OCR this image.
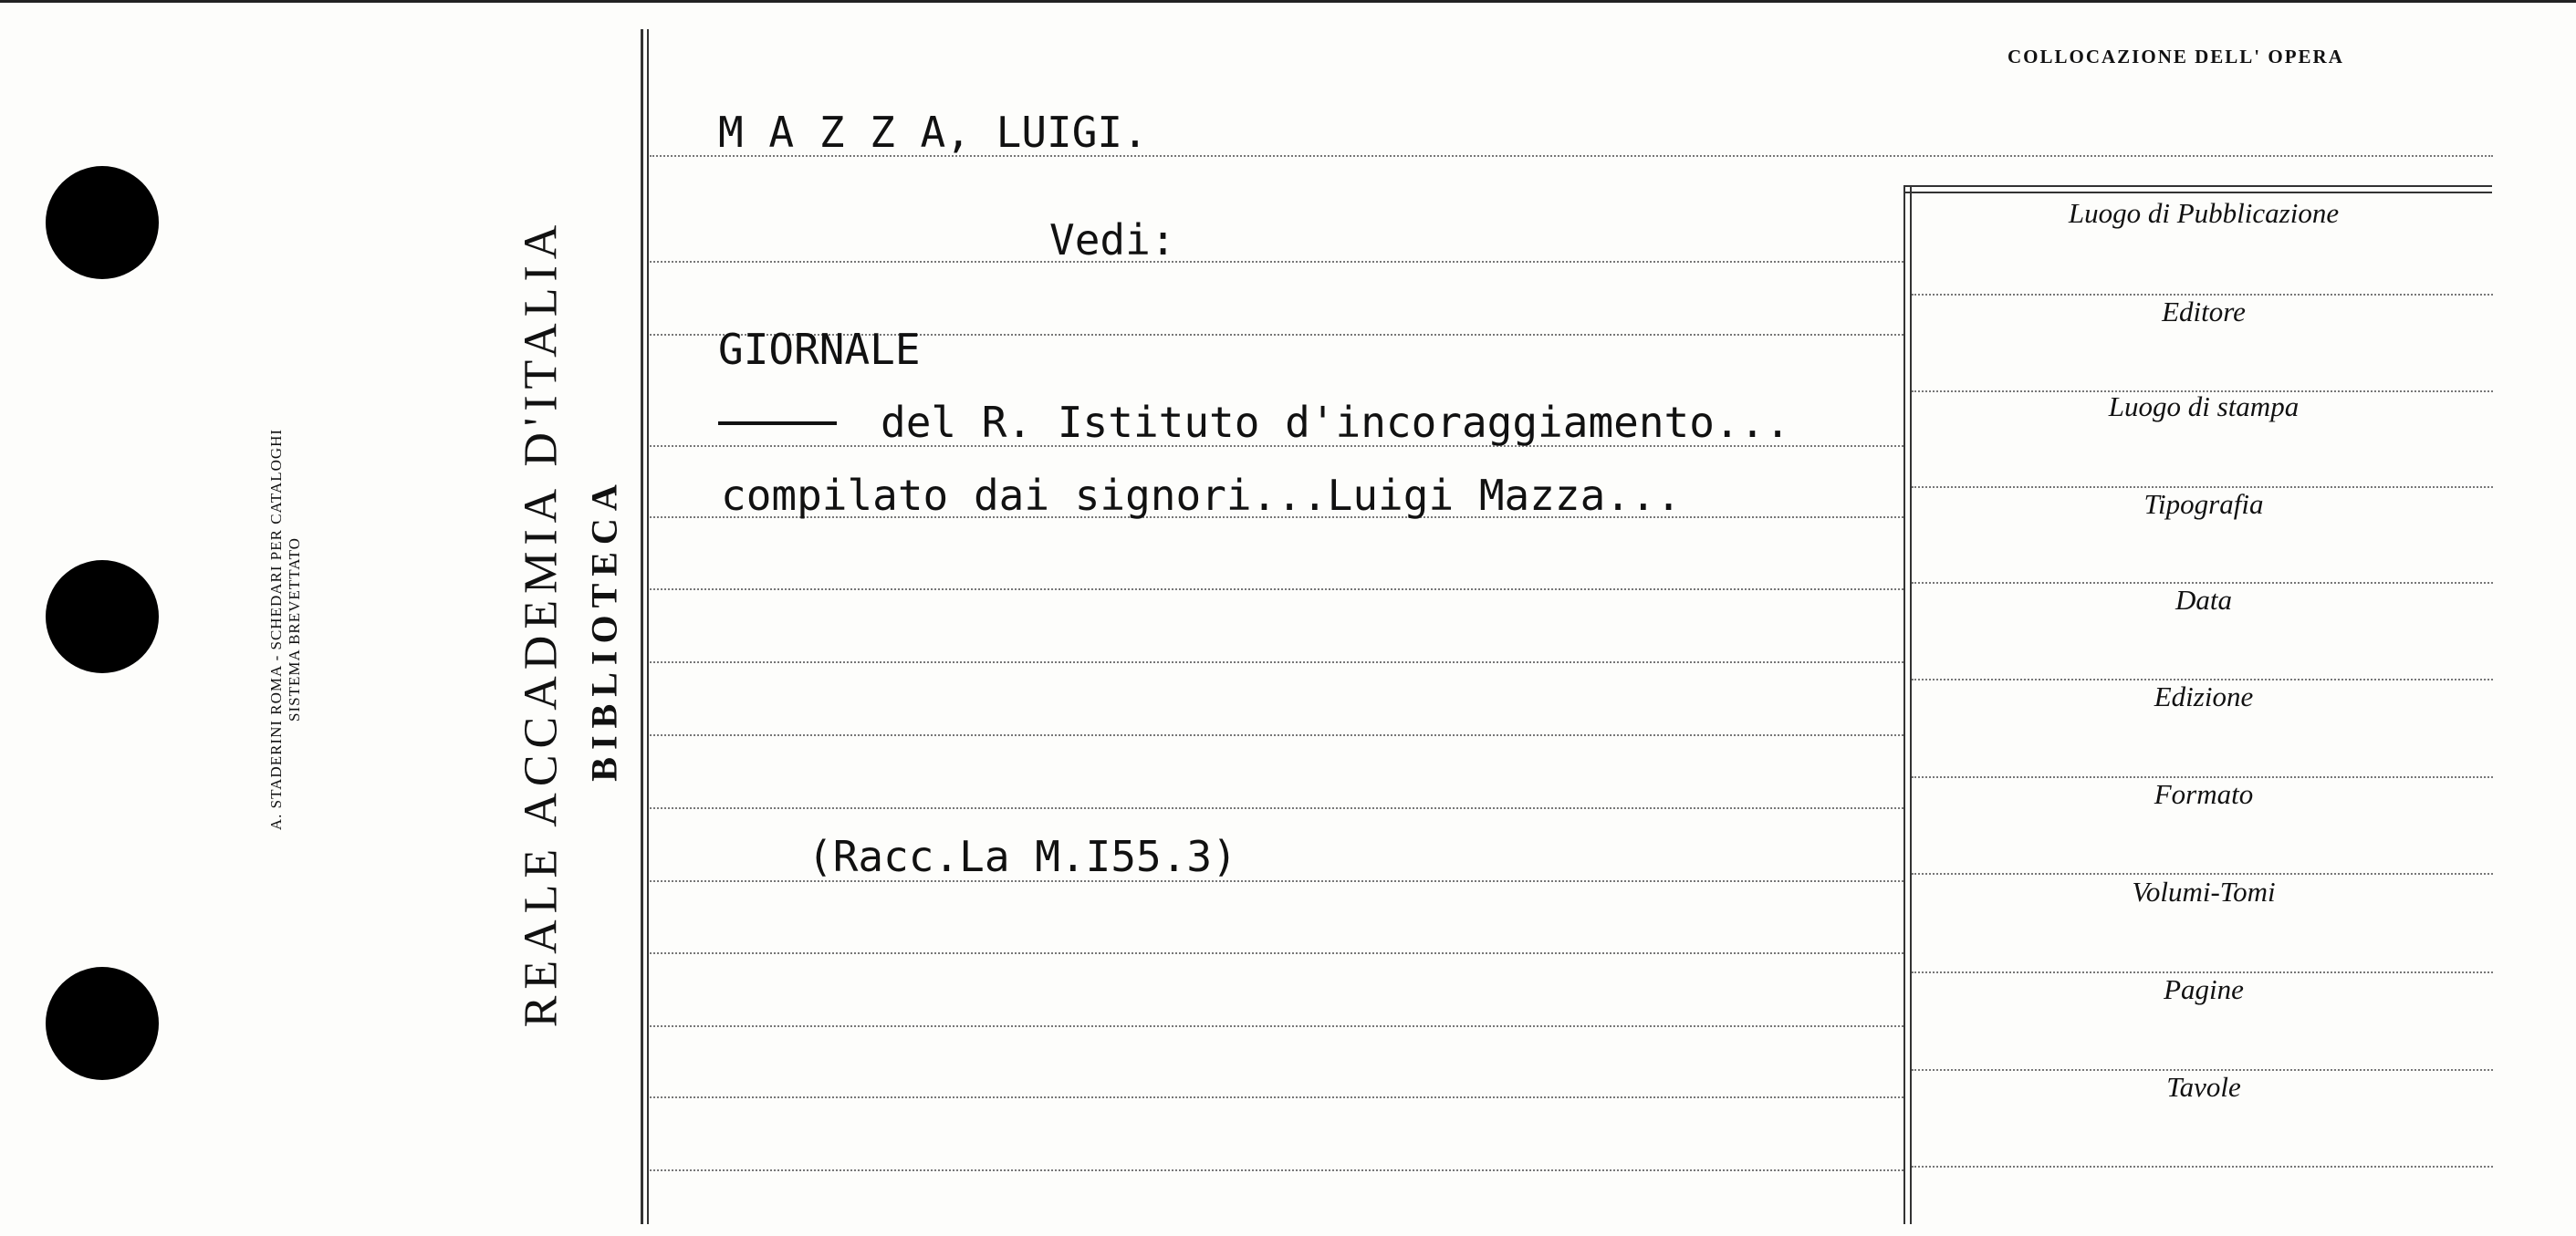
A. STADERINI ROMA - SCHEDARI PER CATALOGHI SISTEMA BREVETTATO	REALE ACCADEMIA D'ITALIA BIBLIOTECA
COLLOCAZIONE DELL' OPERA
M A Z Z A, LUIGI.
Vedi:
GIORNALE
del R. Istituto d'incoraggiamento...
compilato dai signori...Luigi Mazza...
(Racc.La M.I55.3)
Luogo di Pubblicazione
Editore
Luogo di stampa
Tipografia
Data
Edizione
Formato
Volumi-Tomi
Pagine
Tavole
